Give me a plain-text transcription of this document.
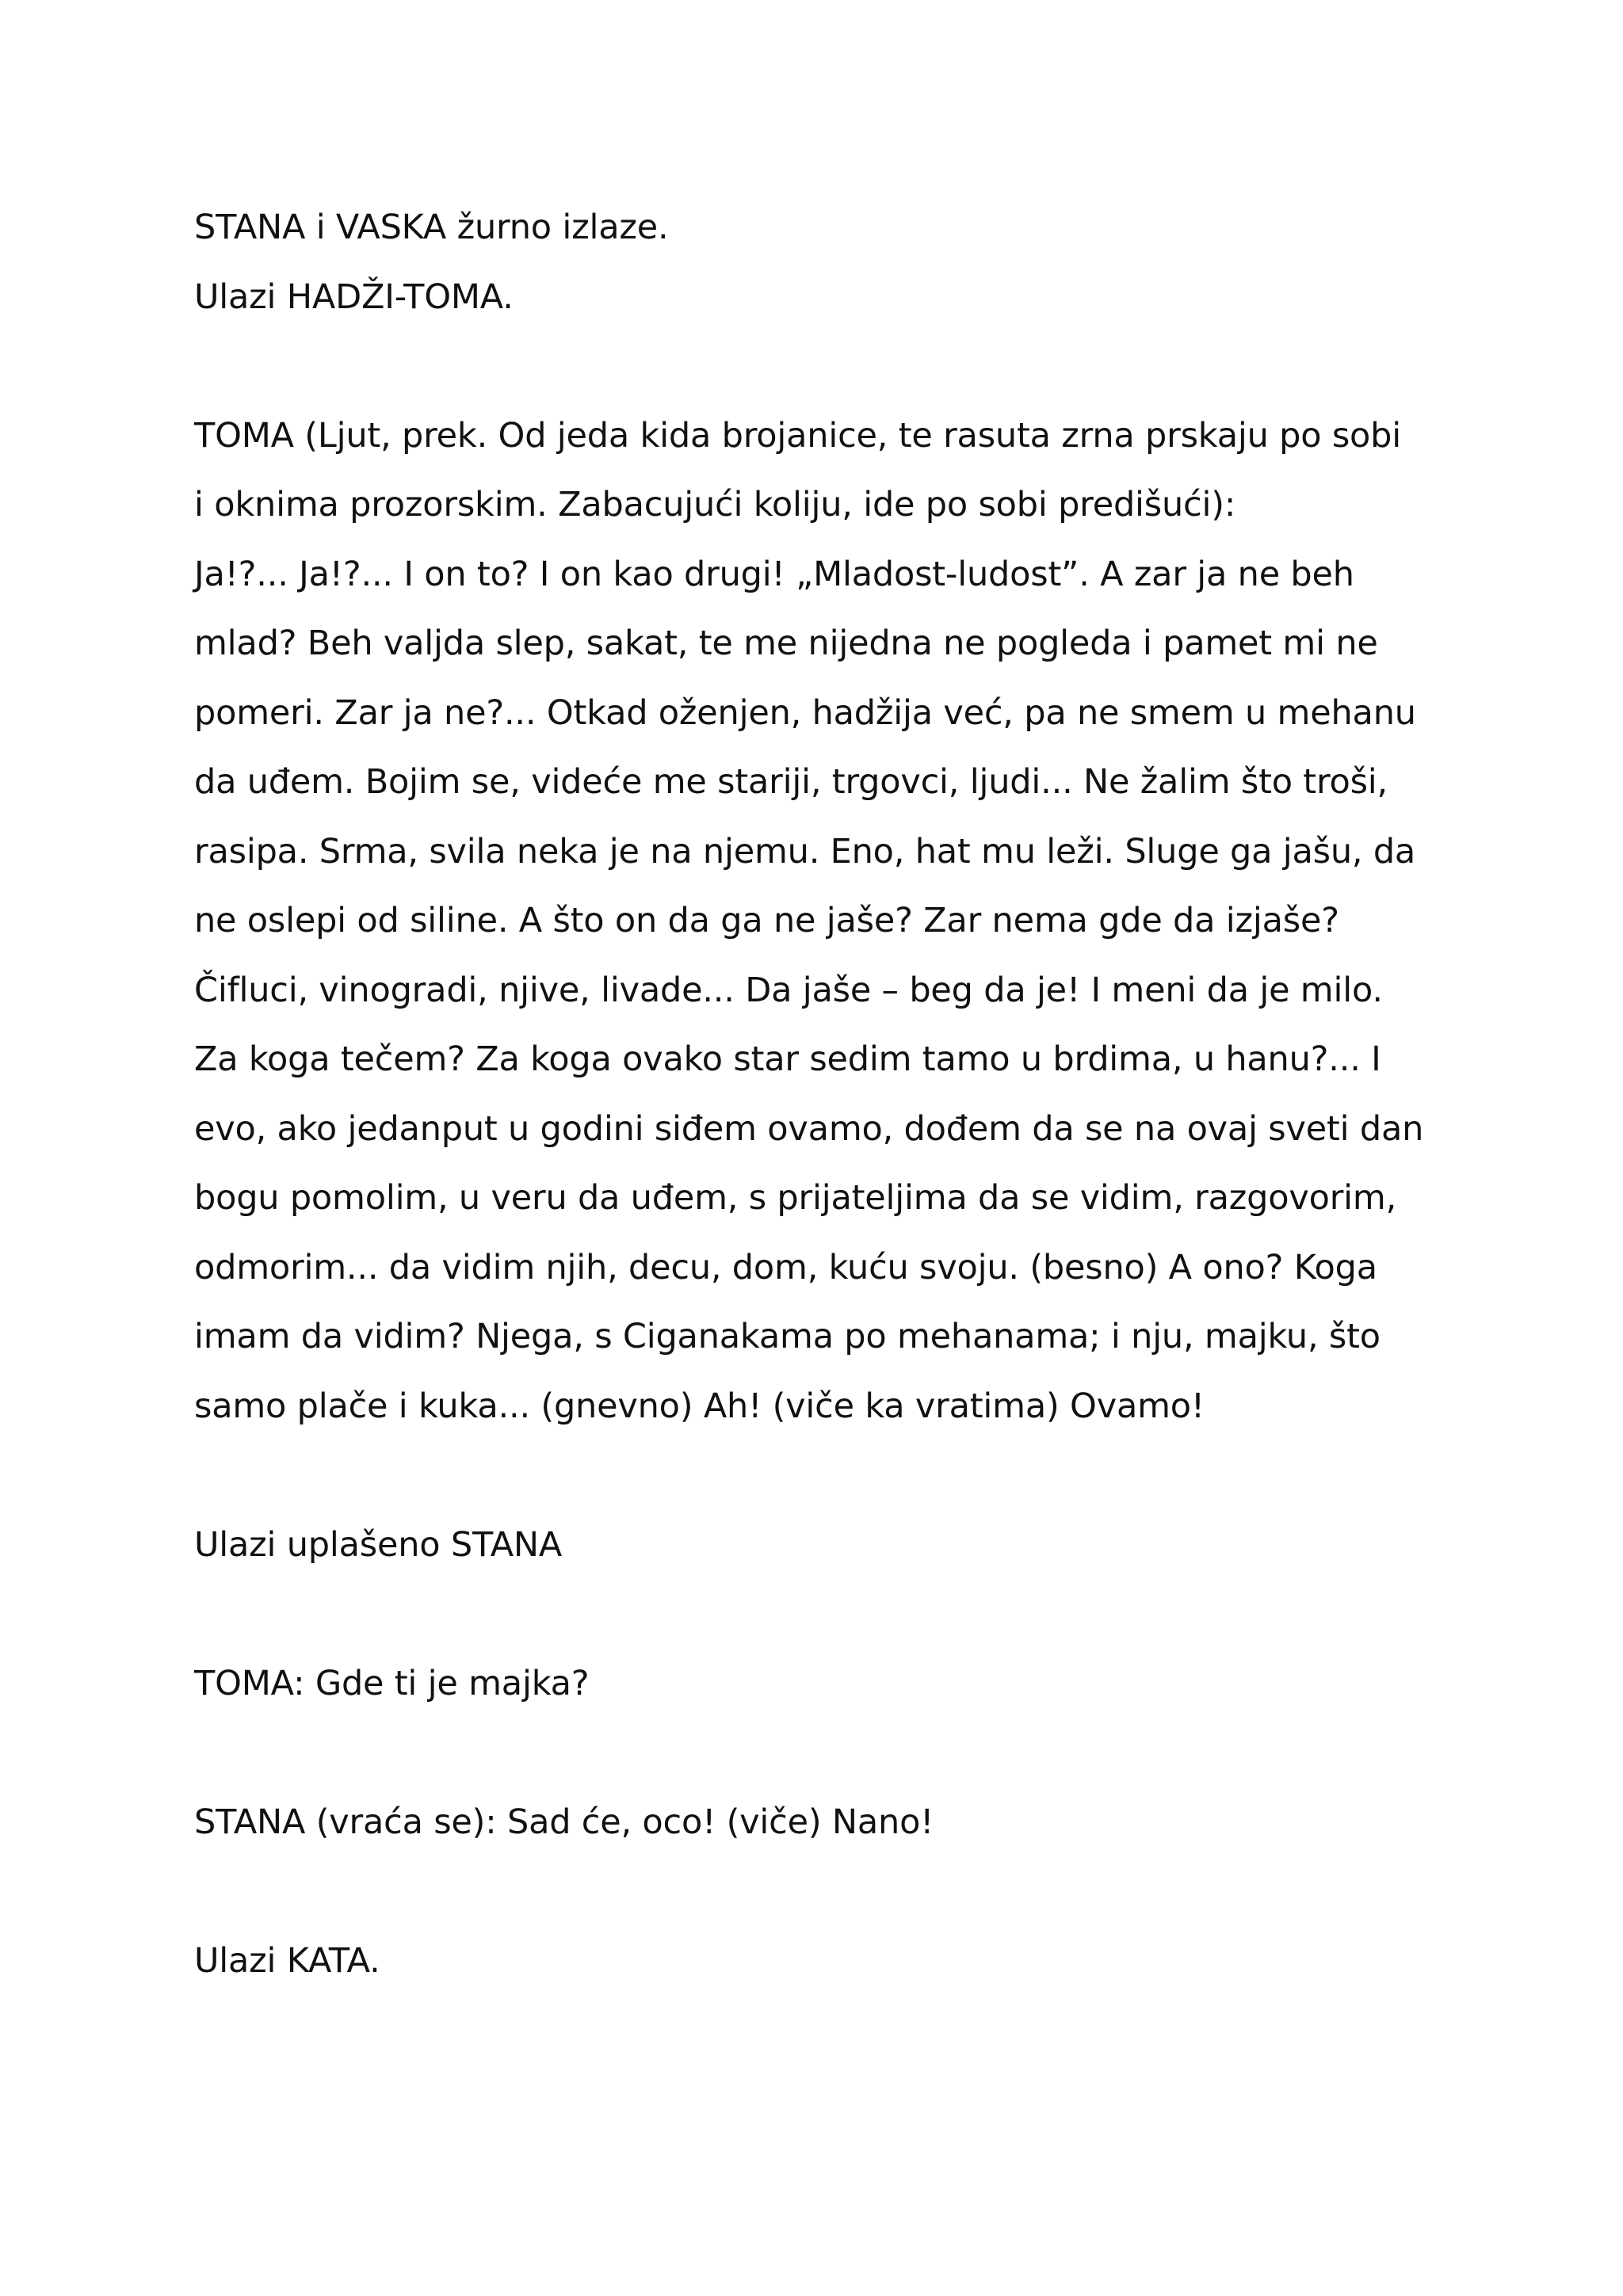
STANA i VASKA žurno izlaze.
Ulazi HADŽI-TOMA.
TOMA (Ljut, prek. Od jeda kida brojanice, te rasuta zrna prskaju po sobi
i oknima prozorskim. Zabacujući koliju, ide po sobi predišući):
Ja!?... Ja!?... I on to? I on kao drugi! „Mladost-ludost”. A zar ja ne beh
mlad? Beh valjda slep, sakat, te me nijedna ne pogleda i pamet mi ne
pomeri. Zar ja ne?... Otkad oženjen, hadžija već, pa ne smem u mehanu
da uđem. Bojim se, videće me stariji, trgovci, ljudi... Ne žalim što troši,
rasipa. Srma, svila neka je na njemu. Eno, hat mu leži. Sluge ga jašu, da
ne oslepi od siline. A što on da ga ne jaše? Zar nema gde da izjaše?
Čifluci, vinogradi, njive, livade... Da jaše – beg da je! I meni da je milo.
Za koga tečem? Za koga ovako star sedim tamo u brdima, u hanu?... I
evo, ako jedanput u godini siđem ovamo, dođem da se na ovaj sveti dan
bogu pomolim, u veru da uđem, s prijateljima da se vidim, razgovorim,
odmorim... da vidim njih, decu, dom, kuću svoju. (besno) A ono? Koga
imam da vidim? Njega, s Ciganakama po mehanama; i nju, majku, što
samo plače i kuka... (gnevno) Ah! (viče ka vratima) Ovamo!
Ulazi uplašeno STANA
TOMA: Gde ti je majka?
STANA (vraća se): Sad će, oco! (viče) Nano!
Ulazi KATA.
